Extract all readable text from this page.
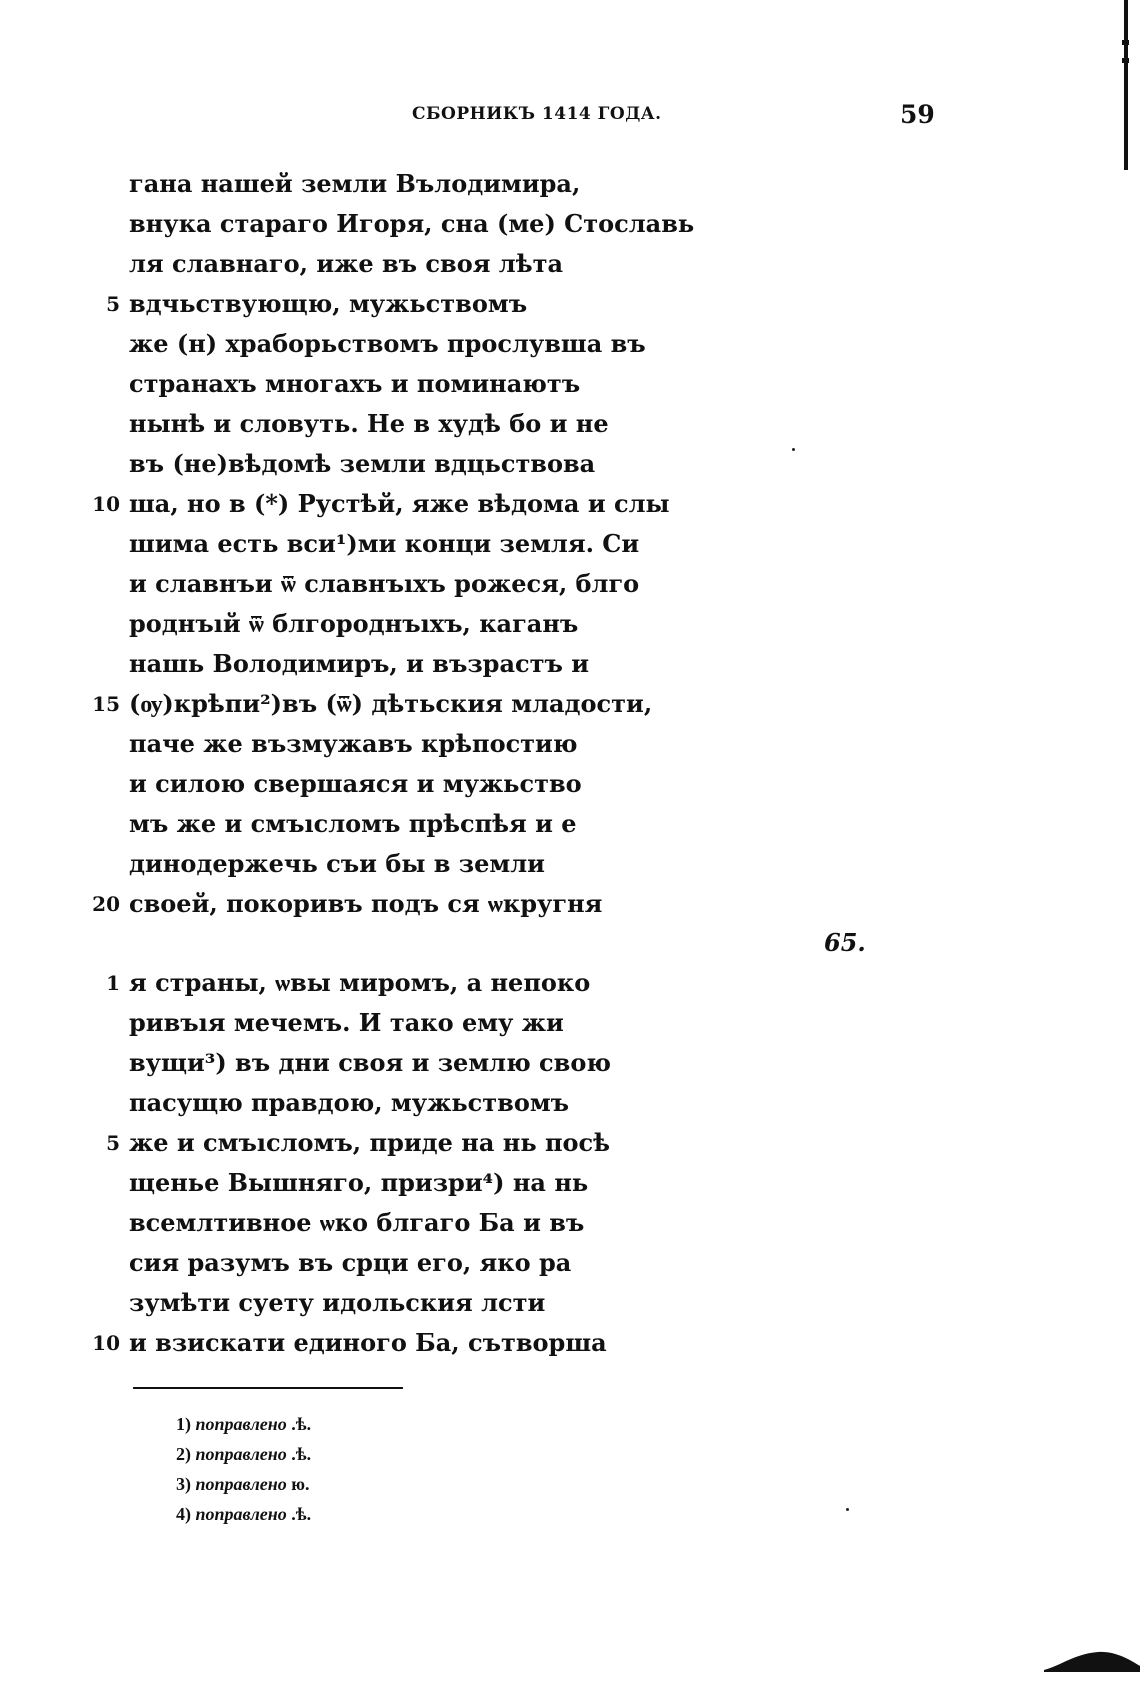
СБОРНИКЪ 1414 ГОДА.	59
гана нашей земли Вълодимира,
внука стараго Игоря, сна (ме) Стославь
ля славнаго, иже въ своя лѣта
5 вдчьствующю, мужьствомъ
же (н) храборьствомъ прослувша въ
странахъ многахъ и поминаютъ
нынѣ и словуть. Не в худѣ бо и не
въ (не)вѣдомѣ земли вдцьствова
10 ша, но в (*) Рустѣй, яже вѣдома и слы
шима есть вси¹)ми конци земля. Си
и славнъи ѿ славнъıхъ рожеся, блго
роднъıй ѿ блгороднъıхъ, каганъ
нашь Володимиръ, и възрастъ и
15 (ѹ)крѣпи²)въ (ѿ) дѣтьския младости,
паче же възмужавъ крѣпостию
и силою свершаяся и мужьство
мъ же и смъıсломъ прѣспѣя и е
динодержечь съи бы в земли
20 своей, покоривъ подъ ся ѡкругня
65.
1 я страны, ѡвы миромъ, а непоко
ривъıя мечемъ. И тако ему жи
вущи³) въ дни своя и землю свою
пасущю правдою, мужьствомъ
5 же и смъıсломъ, приде на нь посѣ
щенье Вышняго, призри⁴) на нь
всемлтивное ѡко блгаго Ба и въ
сия разумъ въ срци его, яко ра
зумѣти суету идольския лсти
10 и взискати единого Ба, сътворша
1) поправлено .ѣ.
2) поправлено .ѣ.
3) поправлено ю.
4) поправлено .ѣ.
